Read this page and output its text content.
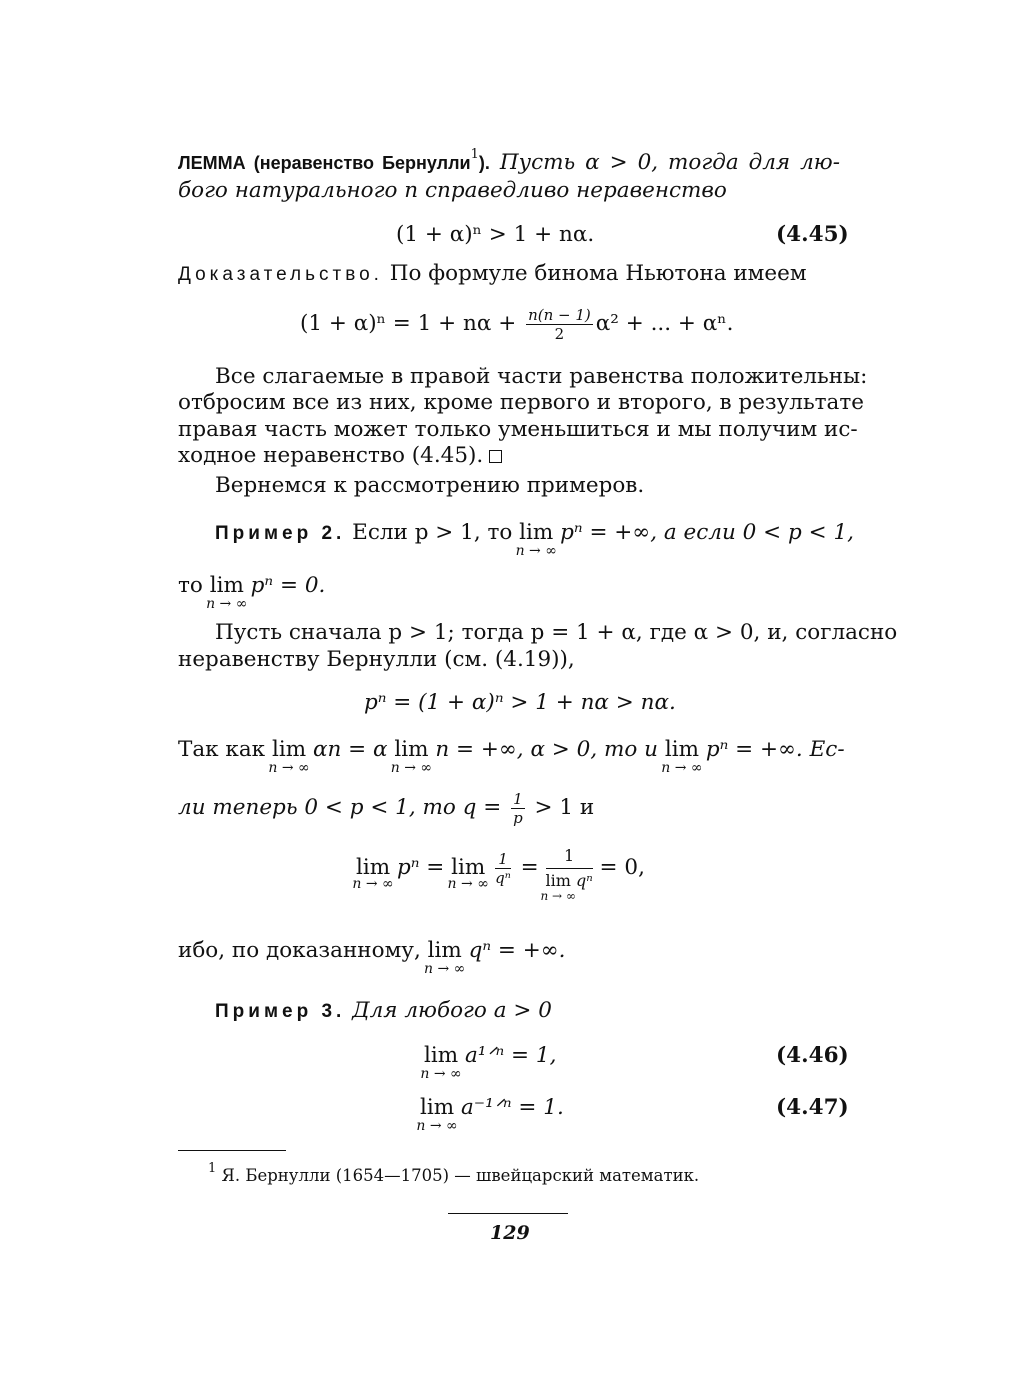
ЛЕММА (неравенство Бернулли$^1$). Пусть α > 0, тогда для лю-
бого натурального n справедливо неравенство
(1 + α)ⁿ > 1 + nα.	(4.45)
Доказательство. По формуле бинома Ньютона имеем
$(1 + \alpha)^n = 1 + n\alpha + \frac{n(n - 1)}{2} \alpha^2$ + ... + αⁿ.
Все слагаемые в правой части равенства положительны:
отбросим все из них, кроме первого и второго, в результате
правая часть может только уменьшиться и мы получим ис-
ходное неравенство (4.45).
Вернемся к рассмотрению примеров.
Пример 2. Если p > 1, то lim
n → ∞
pⁿ = +∞, а если 0 < p < 1,
то lim
n → ∞
pⁿ = 0.
Пусть сначала p > 1; тогда p = 1 + α, где α > 0, и, согласно
неравенству Бернулли (см. (4.19)),
pⁿ = (1 + α)ⁿ > 1 + nα > nα.
Так как lim
n → ∞
αn = α lim
n → ∞
n = +∞, α > 0, то и lim
n → ∞
pⁿ = +∞. Ес-
ли теперь 0 < p < 1, то $q = \frac{1}{p} > 1$ и
lim
n → ∞
pⁿ = lim
n → ∞
$\frac{1}{\text{qⁿ}} = 1$
lim
n → ∞
qⁿ = 0,
ибо, по доказанному, lim
n → ∞
qⁿ = +∞.
Пример 3. Для любого a > 0
lim
n → ∞
a¹ᐟⁿ = 1,	(4.46)
lim
n → ∞
a⁻¹ᐟⁿ = 1.	(4.47)
$^1$ Я. Бернулли (1654—1705) — швейцарский математик.
129
